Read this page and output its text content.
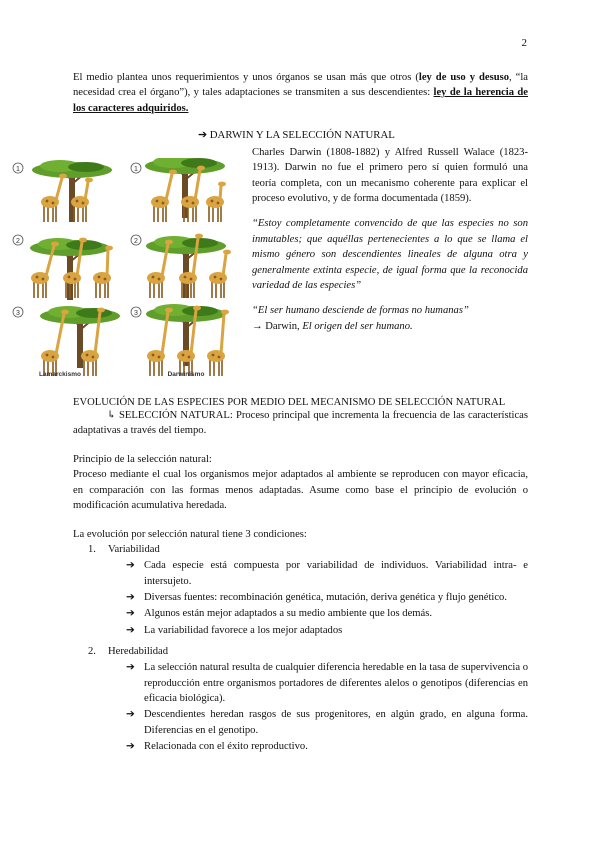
2

El medio plantea unos requerimientos y unos órganos se usan más que otros (ley de uso y desuso, “la necesidad crea el órgano”), y tales adaptaciones se transmiten a sus descendientes: ley de la herencia de los caracteres adquiridos.

➔ DARWIN Y LA SELECCIÓN NATURAL
1	1
2	2
3	3
Lamarckismo	Darwinismo

Charles Darwin (1808-1882) y Alfred Russell Walace (1823-1913). Darwin no fue el primero pero sí quien formuló una teoría completa, con un mecanismo coherente para explicar el proceso evolutivo, y de forma documentada (1859).

“Estoy completamente convencido de que las especies no son inmutables; que aquéllas pertenecientes a lo que se llama el mismo género son descendientes lineales de alguna otra y generalmente extinta especie, de igual forma que la reconocida variedad de las especies”

“El ser humano desciende de formas no humanas”
→ Darwin, El origen del ser humano.

EVOLUCIÓN DE LAS ESPECIES POR MEDIO DEL MECANISMO DE SELECCIÓN NATURAL

↳ SELECCIÓN NATURAL: Proceso principal que incrementa la frecuencia de las características adaptativas a través del tiempo.

Principio de la selección natural:
Proceso mediante el cual los organismos mejor adaptados al ambiente se reproducen con mayor eficacia, en comparación con las formas menos adaptadas. Asume como base el principio de evolución o modificación acumulativa heredada.
La evolución por selección natural tiene 3 condiciones:
1. Variabilidad
➔ Cada especie está compuesta por variabilidad de individuos. Variabilidad intra- e intersujeto.
➔ Diversas fuentes: recombinación genética, mutación, deriva genética y flujo genético.
➔ Algunos están mejor adaptados a su medio ambiente que los demás.
➔ La variabilidad favorece a los mejor adaptados
2. Heredabilidad
➔ La selección natural resulta de cualquier diferencia heredable en la tasa de supervivencia o reproducción entre organismos portadores de diferentes alelos o genotipos (diferencias en eficacia biológica).
➔ Descendientes heredan rasgos de sus progenitores, en algún grado, en alguna forma. Diferencias en el genotipo.
➔ Relacionada con el éxito reproductivo.
